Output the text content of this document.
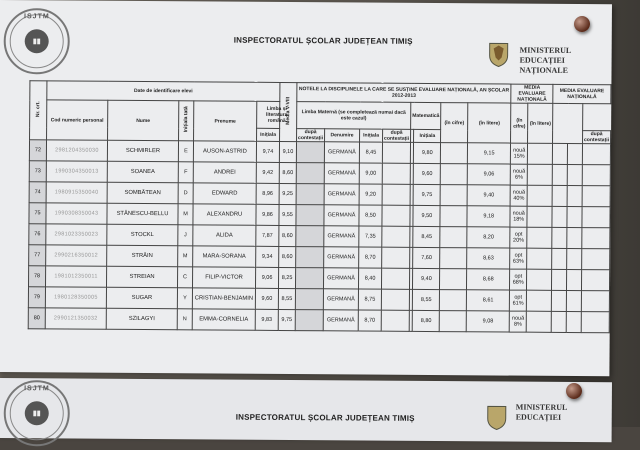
ISJTM
▮▮	INSPECTORATUL ȘCOLAR JUDEȚEAN TIMIȘ
MINISTERUL
EDUCAȚIEI
NAȚIONALE
Nr. crt.	Date de identificare elevi					Media V-VIII	NOTELE LA DISCIPLINELE LA CARE SE SUSȚINE EVALUARE NAȚIONALĂ, AN ȘCOLAR 2012-2013								MEDIA EVALUARE NAȚIONALĂ		MEDIA EVALUARE NAȚIONALĂ		
	Cod numeric personal	Nume	Inițiala tată	Prenume	Limba și literatura română		Limba Maternă (se completează numai dacă este cazul)				Matematică		(în cifre)	(în litere)	(în cifre)	(în litere)			
					Inițiala		după contestații	Denumire	Inițiala	după contestații		Inițiala							după contestații
72	2981204350030	SCHMIRLER	E	AUSON-ASTRID	9,74	9,10		GERMANĂ	8,45			9,80		9,15	nouă 15%				
73	1990304350013	SOANEA	F	ANDREI	9,42	8,60		GERMANĂ	9,00			9,60		9,06	nouă 6%				
74	1980915350040	SOMBĂTEAN	D	EDWARD	8,96	9,25		GERMANĂ	9,20			9,75		9,40	nouă 40%				
75	1990308350043	STĂNESCU-BELLU	M	ALEXANDRU	9,86	9,55		GERMANĂ	8,50			9,50		9,18	nouă 18%				
76	2981023350023	STOCKL	J	ALIDA	7,87	8,60		GERMANĂ	7,35			8,45		8,20	opt 20%				
77	2990216350012	STRĂIN	M	MARA-SORANA	9,34	8,60		GERMANĂ	8,70			7,60		8,63	opt 63%				
78	1981012350011	STREIAN	C	FILIP-VICTOR	9,06	8,25		GERMANĂ	8,40			9,40		8,68	opt 68%				
79	1980128350005	SUGAR	Y	CRISTIAN-BENJAMIN	9,60	8,55		GERMANĂ	8,75			8,55		8,61	opt 61%				
80	2990121350032	SZILAGYI	N	EMMA-CORNELIA	9,83	9,75		GERMANĂ	8,70			8,80		9,08	nouă 8%				
ISJTM
▮▮	INSPECTORATUL ȘCOLAR JUDEȚEAN TIMIȘ
MINISTERUL
EDUCAȚIEI
